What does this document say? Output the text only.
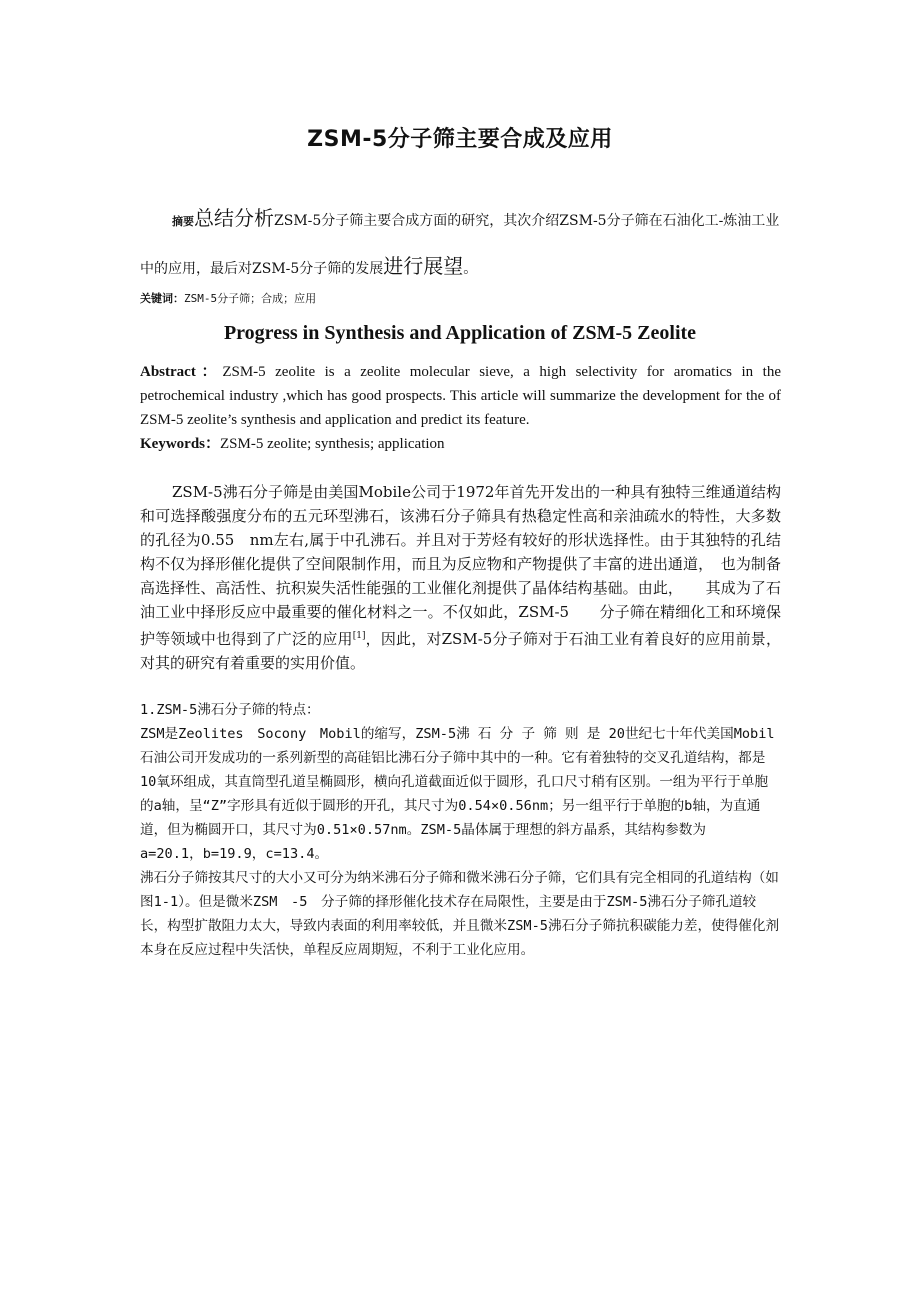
ZSM-5分子筛主要合成及应用
摘要总结分析ZSM-5分子筛主要合成方面的研究，其次介绍ZSM-5分子筛在石油化工-炼油工业中的应用，最后对ZSM-5分子筛的发展进行展望。
关键词：ZSM-5分子筛；合成；应用
Progress in Synthesis and Application of ZSM-5 Zeolite
Abstract：ZSM-5 zeolite is a zeolite molecular sieve, a high selectivity for aromatics in the petrochemical industry ,which has good prospects. This article will summarize the development for the of ZSM-5 zeolite’s synthesis and application and predict its feature.
Keywords：ZSM-5 zeolite; synthesis; application
ZSM-5沸石分子筛是由美国Mobile公司于1972年首先开发出的一种具有独特三维通道结构和可选择酸强度分布的五元环型沸石，该沸石分子筛具有热稳定性高和亲油疏水的特性，大多数的孔径为0.55　nm左右,属于中孔沸石。并且对于芳烃有较好的形状选择性。由于其独特的孔结构不仅为择形催化提供了空间限制作用，而且为反应物和产物提供了丰富的进出通道，　也为制备高选择性、高活性、抗积炭失活性能强的工业催化剂提供了晶体结构基础。由此，　　其成为了石油工业中择形反应中最重要的催化材料之一。不仅如此，ZSM-5　　分子筛在精细化工和环境保护等领域中也得到了广泛的应用[1]，因此，对ZSM-5分子筛对于石油工业有着良好的应用前景，对其的研究有着重要的实用价值。

1.ZSM-5沸石分子筛的特点：

ZSM是Zeolites　Socony　Mobil的缩写，ZSM-5沸 石 分 子 筛 则 是 20世纪七十年代美国Mobil石油公司开发成功的一系列新型的高硅铝比沸石分子筛中其中的一种。它有着独特的交叉孔道结构，都是10氧环组成，其直筒型孔道呈椭圆形，横向孔道截面近似于圆形，孔口尺寸稍有区别。一组为平行于单胞的a轴，呈“Z”字形具有近似于圆形的开孔，其尺寸为0.54×0.56nm；另一组平行于单胞的b轴，为直通道，但为椭圆开口，其尺寸为0.51×0.57nm。ZSM-5晶体属于理想的斜方晶系，其结构参数为

a=20.1，b=19.9，c=13.4。

沸石分子筛按其尺寸的大小又可分为纳米沸石分子筛和微米沸石分子筛，它们具有完全相同的孔道结构（如图1-1）。但是微米ZSM　-5　分子筛的择形催化技术存在局限性，主要是由于ZSM-5沸石分子筛孔道较长，构型扩散阻力太大，导致内表面的利用率较低，并且微米ZSM-5沸石分子筛抗积碳能力差，使得催化剂本身在反应过程中失活快，单程反应周期短，不利于工业化应用。
